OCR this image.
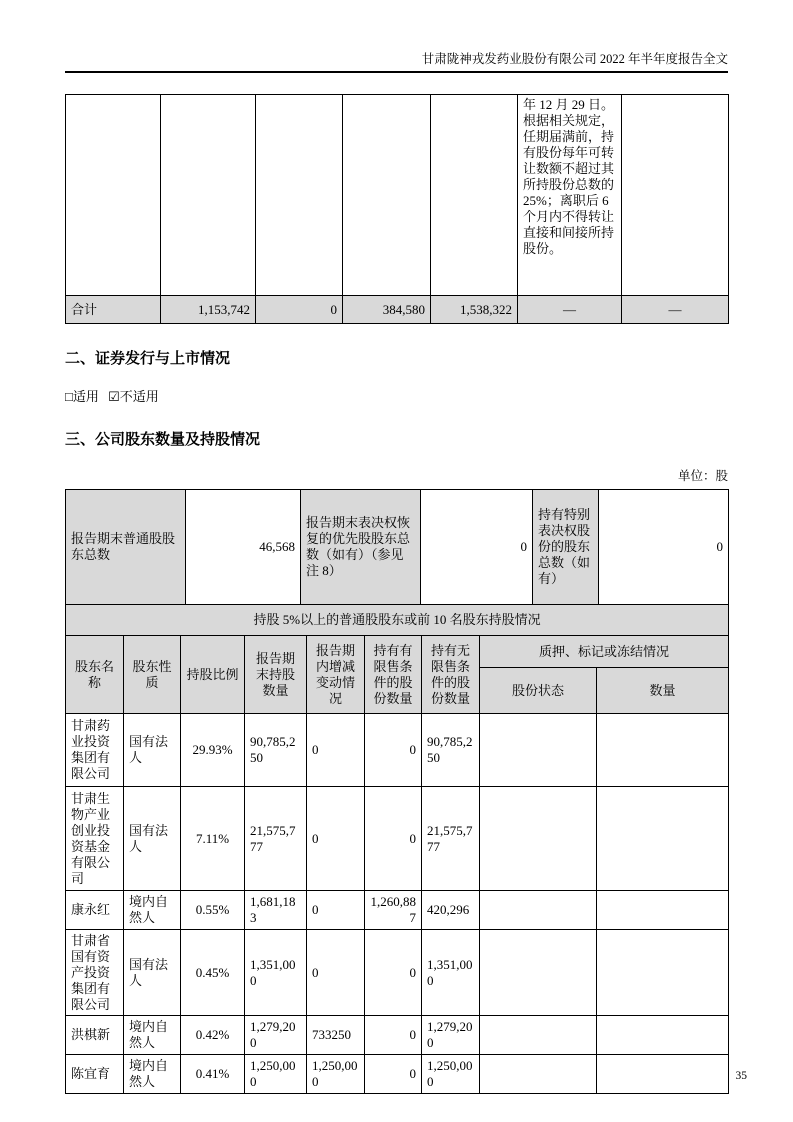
甘肃陇神戎发药业股份有限公司 2022 年半年度报告全文

					年 12 月 29 日。根据相关规定，任期届满前，持有股份每年可转让数额不超过其所持股份总数的 25%；离职后 6 个月内不得转让直接和间接所持股份。	

合计	1,153,742	0	384,580	1,538,322	—	—
二、证券发行与上市情况
□适用 ☑不适用
三、公司股东数量及持股情况
单位：股
报告期末普通股股东总数	46,568	报告期末表决权恢复的优先股股东总数（如有）（参见注 8）	0	持有特别表决权股份的股东总数（如有）	0
持股 5%以上的普通股股东或前 10 名股东持股情况								
股东名称	股东性质	持股比例	报告期末持股数量	报告期内增减变动情况	持有有限售条件的股份数量	持有无限售条件的股份数量	质押、标记或冻结情况	
							股份状态	数量
甘肃药业投资集团有限公司	国有法人	29.93%	90,785,250	0	0	90,785,250		
甘肃生物产业创业投资基金有限公司	国有法人	7.11%	21,575,777	0	0	21,575,777		
康永红	境内自然人	0.55%	1,681,183	0	1,260,887	420,296		
甘肃省国有资产投资集团有限公司	国有法人	0.45%	1,351,000	0	0	1,351,000		
洪棋新	境内自然人	0.42%	1,279,200	733250	0	1,279,200		
陈宜育	境内自然人	0.41%	1,250,000	1,250,000	0	1,250,000			35
